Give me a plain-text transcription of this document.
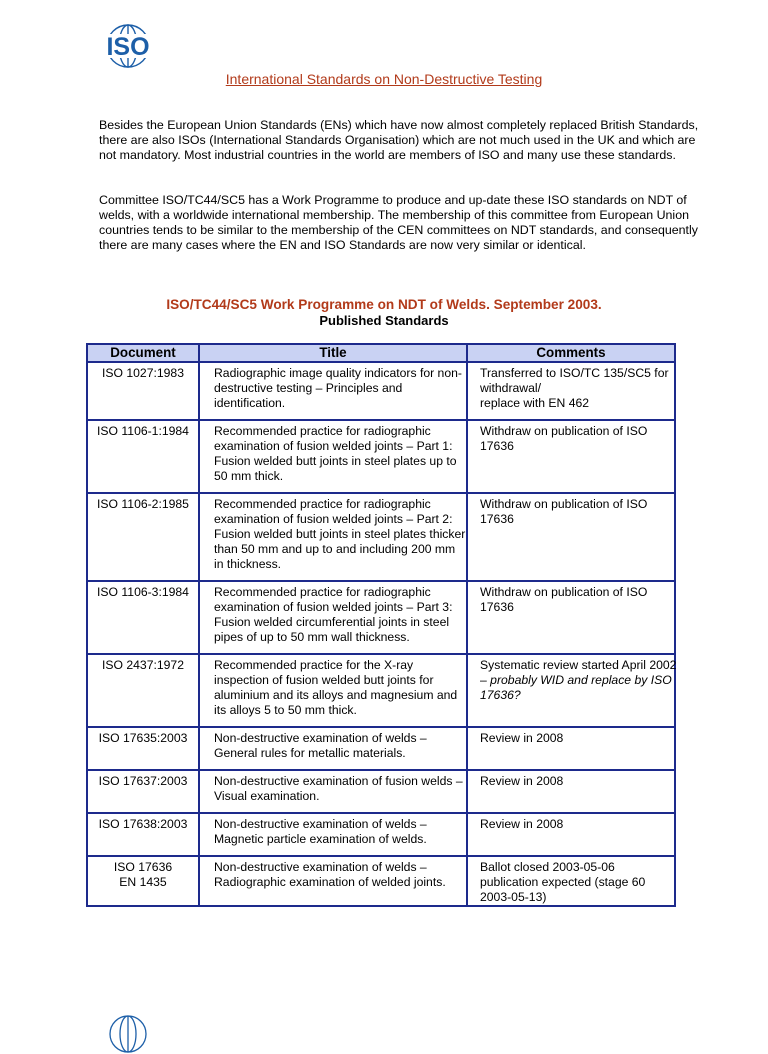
ISO
International Standards on Non-Destructive Testing

Besides the European Union Standards (ENs) which have now almost completely replaced British Standards, there are also ISOs (International Standards Organisation) which are not much used in the UK and which are not mandatory. Most industrial countries in the world are members of ISO and many use these standards.

Committee ISO/TC44/SC5 has a Work Programme to produce and up-date these ISO standards on NDT of welds, with a worldwide international membership. The membership of this committee from European Union countries tends to be similar to the membership of the CEN committees on NDT standards, and consequently there are many cases where the EN and ISO Standards are now very similar or identical.

ISO/TC44/SC5 Work Programme on NDT of Welds. September 2003.
Published Standards
Document	Title	Comments

ISO 1027:1983	Radiographic image quality indicators for non-destructive testing – Principles and identification.	Transferred to ISO/TC 135/SC5 for withdrawal/
replace with EN 462

ISO 1106-1:1984	Recommended practice for radiographic examination of fusion welded joints – Part 1: Fusion welded butt joints in steel plates up to 50 mm thick.	Withdraw on publication of ISO 17636

ISO 1106-2:1985	Recommended practice for radiographic examination of fusion welded joints – Part 2: Fusion welded butt joints in steel plates thicker than 50 mm and up to and including 200 mm in thickness.	Withdraw on publication of ISO 17636

ISO 1106-3:1984	Recommended practice for radiographic examination of fusion welded joints – Part 3: Fusion welded circumferential joints in steel pipes of up to 50 mm wall thickness.	Withdraw on publication of ISO 17636

ISO 2437:1972	Recommended practice for the X-ray inspection of fusion welded butt joints for aluminium and its alloys and magnesium and its alloys 5 to 50 mm thick.	Systematic review started April 2002 – probably WID and replace by ISO 17636?

ISO 17635:2003	Non-destructive examination of welds – General rules for metallic materials.	Review in 2008

ISO 17637:2003	Non-destructive examination of fusion welds – Visual examination.	Review in 2008

ISO 17638:2003	Non-destructive examination of welds – Magnetic particle examination of welds.	Review in 2008

ISO 17636
EN 1435	Non-destructive examination of welds – Radiographic examination of welded joints.	Ballot closed 2003-05-06 publication expected (stage 60 2003-05-13)
